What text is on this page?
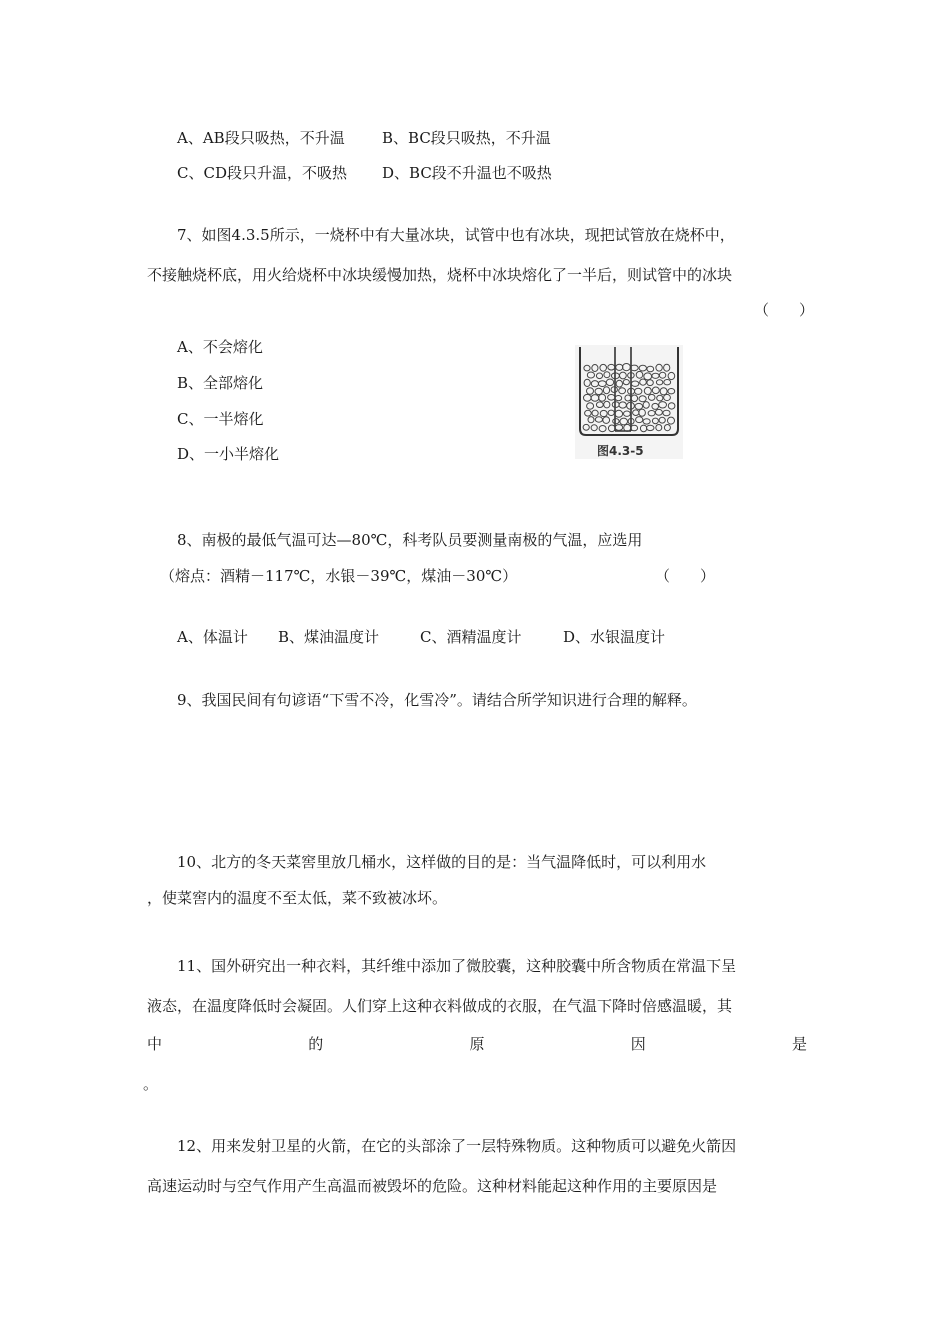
A、AB段只吸热，不升温 B、BC段只吸热，不升温
C、CD段只升温，不吸热 D、BC段不升温也不吸热
7、如图4.3.5所示，一烧杯中有大量冰块，试管中也有冰块，现把试管放在烧杯中，
不接触烧杯底，用火给烧杯中冰块缓慢加热，烧杯中冰块熔化了一半后，则试管中的冰块
（　　）
A、不会熔化
B、全部熔化
C、一半熔化
D、一小半熔化	图4.3-5
8、南极的最低气温可达—80℃，科考队员要测量南极的气温，应选用
（熔点：酒精－117℃，水银－39℃，煤油－30℃）	（　　）
A、体温计 B、煤油温度计	C、酒精温度计	D、水银温度计
9、我国民间有句谚语“下雪不冷，化雪冷”。请结合所学知识进行合理的解释。
10、北方的冬天菜窖里放几桶水，这样做的目的是：当气温降低时，可以利用水
，使菜窖内的温度不至太低，菜不致被冰坏。
11、国外研究出一种衣料，其纤维中添加了微胶囊，这种胶囊中所含物质在常温下呈
液态，在温度降低时会凝固。人们穿上这种衣料做成的衣服，在气温下降时倍感温暖，其
中	的	原	因	是
。
12、用来发射卫星的火箭，在它的头部涂了一层特殊物质。这种物质可以避免火箭因
高速运动时与空气作用产生高温而被毁坏的危险。这种材料能起这种作用的主要原因是
